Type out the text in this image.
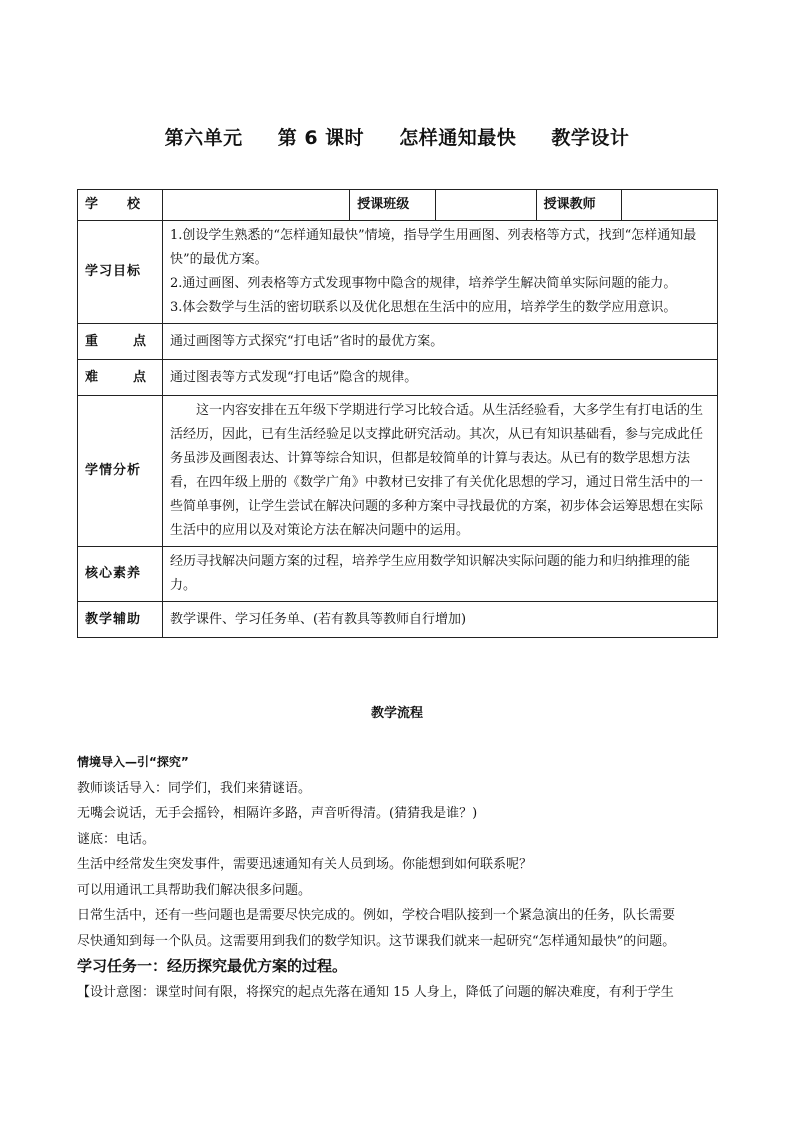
第六单元 第 6 课时 怎样通知最快 教学设计
学　　校		授课班级		授课教师	
学习目标	1.创设学生熟悉的“怎样通知最快”情境，指导学生用画图、列表格等方式，找到“怎样通知最快”的最优方案。

2.通过画图、列表格等方式发现事物中隐含的规律，培养学生解决简单实际问题的能力。

3.体会数学与生活的密切联系以及优化思想在生活中的应用，培养学生的数学应用意识。				

重 点	通过画图等方式探究“打电话”省时的最优方案。				

难 点	通过图表等方式发现“打电话”隐含的规律。				
学情分析	这一内容安排在五年级下学期进行学习比较合适。从生活经验看，大多学生有打电话的生活经历，因此，已有生活经验足以支撑此研究活动。其次，从已有知识基础看，参与完成此任务虽涉及画图表达、计算等综合知识，但都是较简单的计算与表达。从已有的数学思想方法看，在四年级上册的《数学广角》中教材已安排了有关优化思想的学习，通过日常生活中的一些简单事例，让学生尝试在解决问题的多种方案中寻找最优的方案，初步体会运筹思想在实际生活中的应用以及对策论方法在解决问题中的运用。				

核心素养	经历寻找解决问题方案的过程，培养学生应用数学知识解决实际问题的能力和归纳推理的能力。				
教学辅助	教学课件、学习任务单、(若有教具等教师自行增加)				
教学流程

情境导入—引“探究”

教师谈话导入：同学们，我们来猜谜语。

无嘴会说话，无手会摇铃，相隔许多路，声音听得清。(猜猜我是谁？)

谜底：电话。

生活中经常发生突发事件，需要迅速通知有关人员到场。你能想到如何联系呢？

可以用通讯工具帮助我们解决很多问题。

日常生活中，还有一些问题也是需要尽快完成的。例如，学校合唱队接到一个紧急演出的任务，队长需要

尽快通知到每一个队员。这需要用到我们的数学知识。这节课我们就来一起研究“怎样通知最快”的问题。

学习任务一：经历探究最优方案的过程。

【设计意图：课堂时间有限，将探究的起点先落在通知 15 人身上，降低了问题的解决难度，有利于学生
